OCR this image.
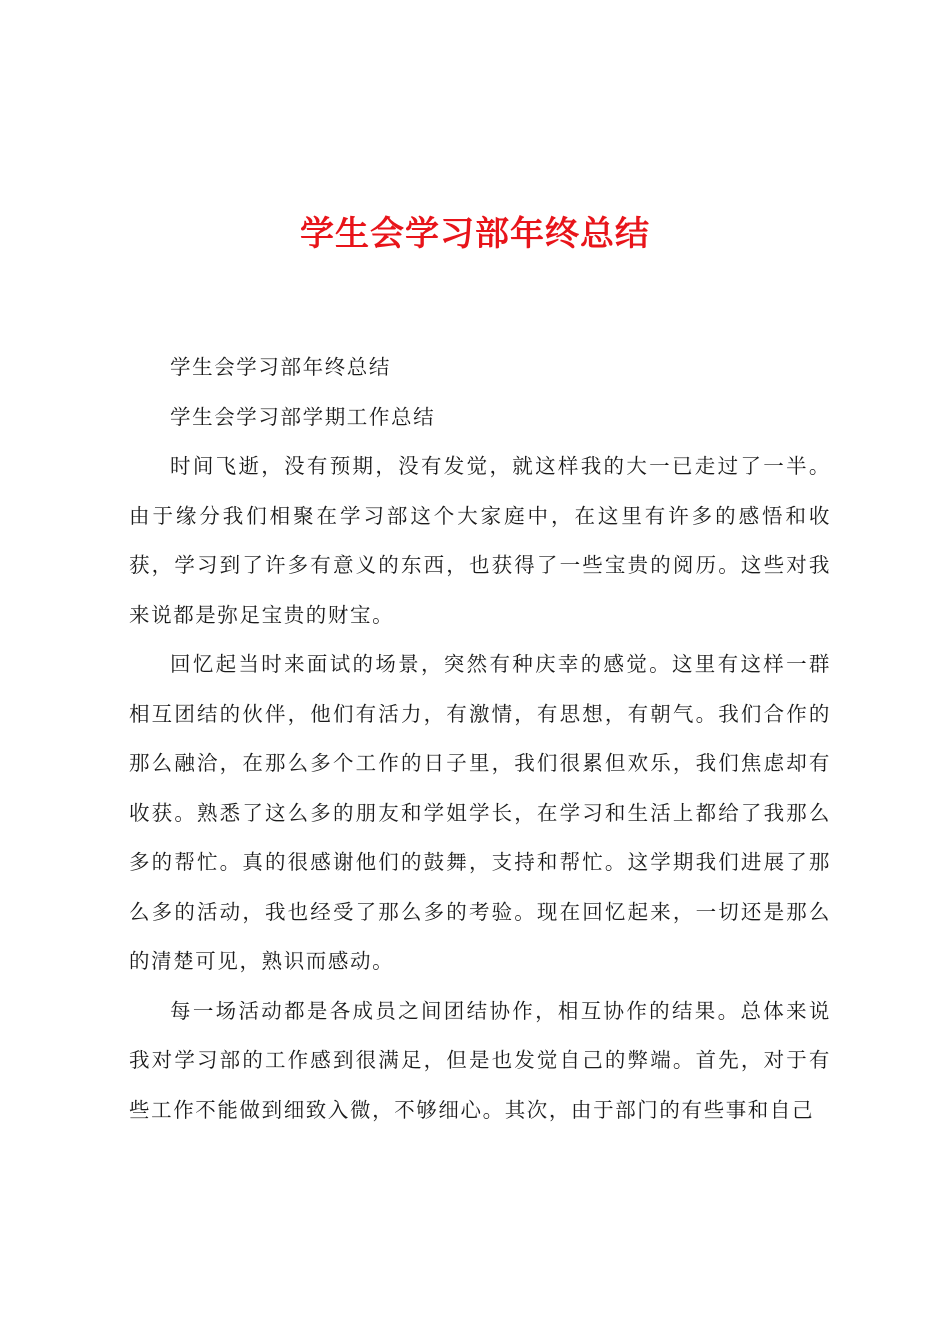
学生会学习部年终总结

学生会学习部年终总结

学生会学习部学期工作总结

时间飞逝，没有预期，没有发觉，就这样我的大一已走过了一半。由于缘分我们相聚在学习部这个大家庭中，在这里有许多的感悟和收获，学习到了许多有意义的东西，也获得了一些宝贵的阅历。这些对我来说都是弥足宝贵的财宝。

回忆起当时来面试的场景，突然有种庆幸的感觉。这里有这样一群相互团结的伙伴，他们有活力，有激情，有思想，有朝气。我们合作的那么融洽，在那么多个工作的日子里，我们很累但欢乐，我们焦虑却有收获。熟悉了这么多的朋友和学姐学长，在学习和生活上都给了我那么多的帮忙。真的很感谢他们的鼓舞，支持和帮忙。这学期我们进展了那么多的活动，我也经受了那么多的考验。现在回忆起来，一切还是那么的清楚可见，熟识而感动。

每一场活动都是各成员之间团结协作，相互协作的结果。总体来说我对学习部的工作感到很满足，但是也发觉自己的弊端。首先，对于有些工作不能做到细致入微，不够细心。其次，由于部门的有些事和自己
